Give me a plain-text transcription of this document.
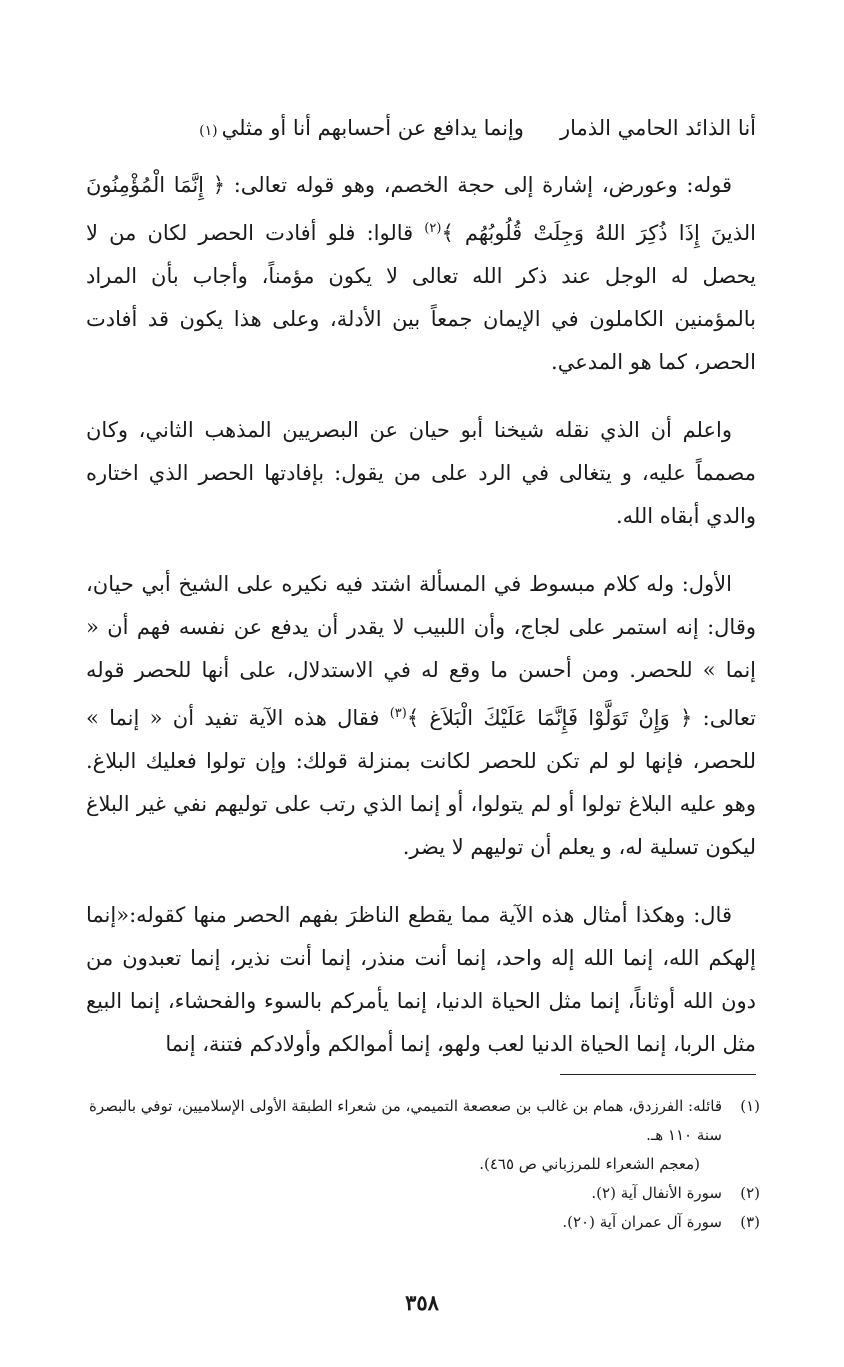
أنا الذائد الحامي الذمار
وإنما يدافع عن أحسابهم أنا أو مثلي
(١)

قوله: وعورض، إشارة إلى حجة الخصم، وهو قوله تعالى: ﴿ إِنَّمَا الْمُؤْمِنُونَ الذينَ إِذَا ذُكِرَ اللهُ وَجِلَتْ قُلُوبُهُم ﴾$^{(٢)}$ قالوا: فلو أفادت الحصر لكان من لا يحصل له الوجل عند ذكر الله تعالى لا يكون مؤمناً، وأجاب بأن المراد بالمؤمنين الكاملون في الإيمان جمعاً بين الأدلة، وعلى هذا يكون قد أفادت الحصر، كما هو المدعي.

واعلم أن الذي نقله شيخنا أبو حيان عن البصريين المذهب الثاني، وكان مصمماً عليه، و يتغالى في الرد على من يقول: بإفادتها الحصر الذي اختاره والدي أبقاه الله.

الأول: وله كلام مبسوط في المسألة اشتد فيه نكيره على الشيخ أبي حيان، وقال: إنه استمر على لجاج، وأن اللبيب لا يقدر أن يدفع عن نفسه فهم أن « إنما » للحصر. ومن أحسن ما وقع له في الاستدلال، على أنها للحصر قوله تعالى: ﴿ وَإِنْ تَوَلَّوْا فَإِنَّمَا عَلَيْكَ الْبَلاَغ ﴾$^{(٣)}$ فقال هذه الآية تفيد أن « إنما » للحصر، فإنها لو لم تكن للحصر لكانت بمنزلة قولك: وإن تولوا فعليك البلاغ. وهو عليه البلاغ تولوا أو لم يتولوا، أو إنما الذي رتب على توليهم نفي غير البلاغ ليكون تسلية له، و يعلم أن توليهم لا يضر.

قال: وهكذا أمثال هذه الآية مما يقطع الناظرَ بفهم الحصر منها كقوله:«إنما إلهكم الله، إنما الله إله واحد، إنما أنت منذر، إنما أنت نذير، إنما تعبدون من دون الله أوثاناً، إنما مثل الحياة الدنيا، إنما يأمركم بالسوء والفحشاء، إنما البيع مثل الربا، إنما الحياة الدنيا لعب ولهو، إنما أموالكم وأولادكم فتنة، إنما

(١)
قائله: الفرزدق، همام بن غالب بن صعصعة التميمي، من شعراء الطبقة الأولى الإسلاميين، توفي بالبصرة سنة ١١٠ هـ.
(معجم الشعراء للمرزباني ص ٤٦٥).
(٢)
سورة الأنفال آية (٢).
(٣)
سورة آل عمران آية (٢٠).
٣٥٨
